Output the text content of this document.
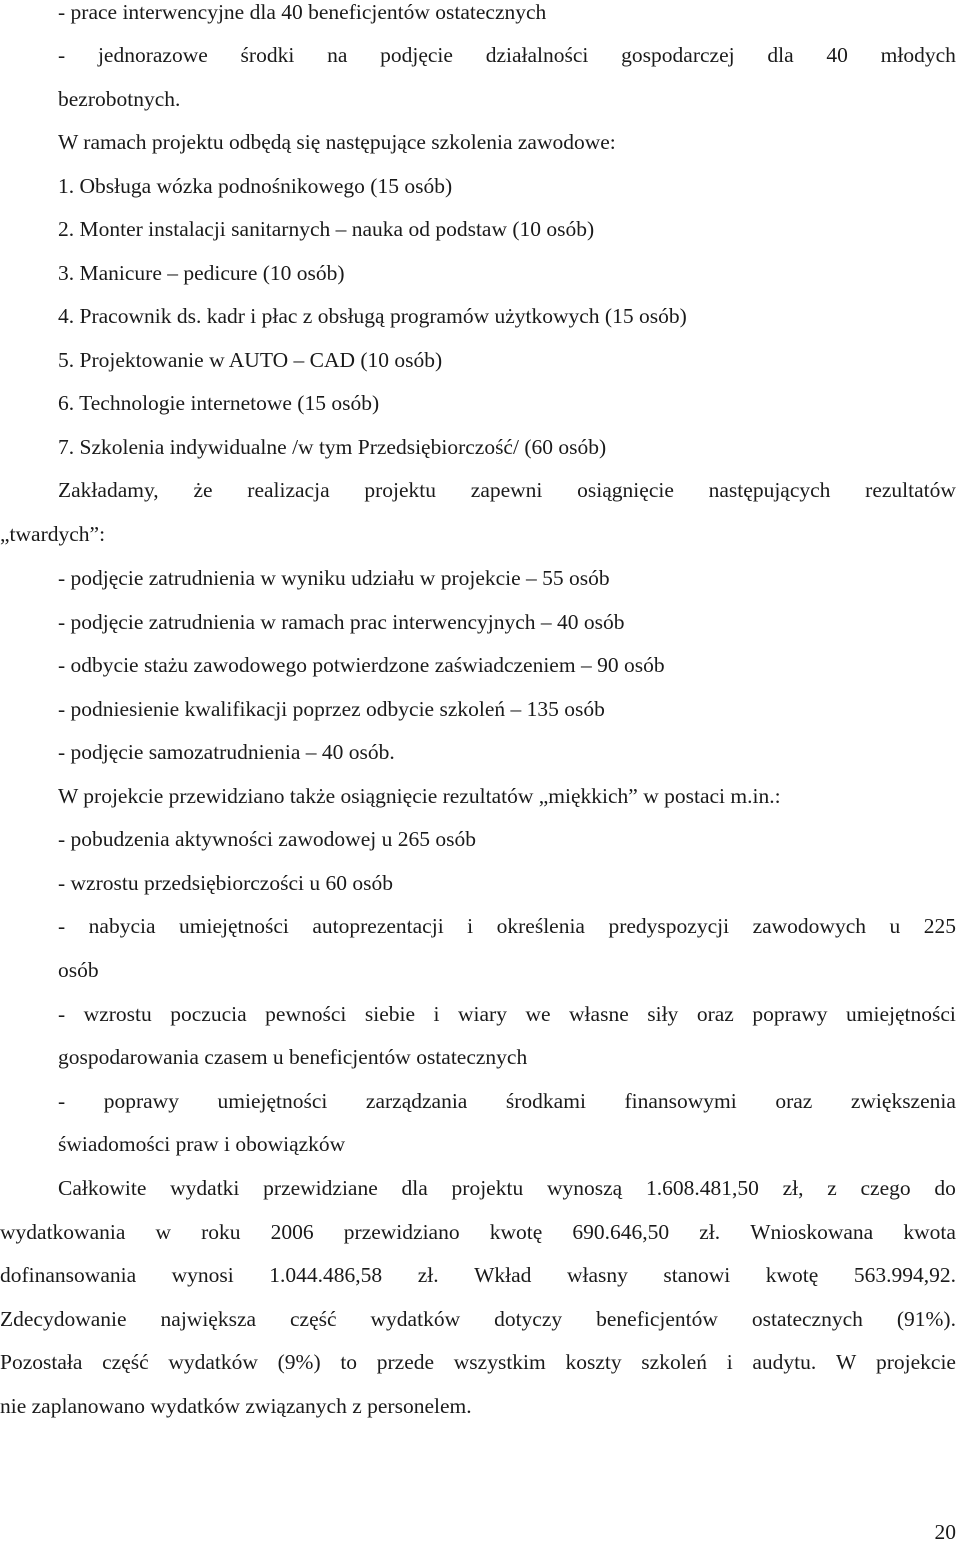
- prace interwencyjne dla 40 beneficjentów ostatecznych
- jednorazowe środki na podjęcie działalności gospodarczej dla 40 młodych
bezrobotnych.
W ramach projektu odbędą się następujące szkolenia zawodowe:
1. Obsługa wózka podnośnikowego (15 osób)
2. Monter instalacji sanitarnych – nauka od podstaw (10 osób)
3. Manicure – pedicure (10 osób)
4. Pracownik ds. kadr i płac z obsługą programów użytkowych (15 osób)
5. Projektowanie w AUTO – CAD (10 osób)
6. Technologie internetowe (15 osób)
7. Szkolenia indywidualne /w tym Przedsiębiorczość/ (60 osób)
Zakładamy, że realizacja projektu zapewni osiągnięcie następujących rezultatów
„twardych”:
- podjęcie zatrudnienia w wyniku udziału w projekcie – 55 osób
- podjęcie zatrudnienia w ramach prac interwencyjnych – 40 osób
- odbycie stażu zawodowego potwierdzone zaświadczeniem – 90 osób
- podniesienie kwalifikacji poprzez odbycie szkoleń – 135 osób
- podjęcie samozatrudnienia – 40 osób.
W projekcie przewidziano także osiągnięcie rezultatów „miękkich” w postaci m.in.:
- pobudzenia aktywności zawodowej u 265 osób
- wzrostu przedsiębiorczości u 60 osób
- nabycia umiejętności autoprezentacji i określenia predyspozycji zawodowych u 225
osób
- wzrostu poczucia pewności siebie i wiary we własne siły oraz poprawy umiejętności
gospodarowania czasem u beneficjentów ostatecznych
- poprawy umiejętności zarządzania środkami finansowymi oraz zwiększenia
świadomości praw i obowiązków
Całkowite wydatki przewidziane dla projektu wynoszą 1.608.481,50 zł, z czego do
wydatkowania w roku 2006 przewidziano kwotę 690.646,50 zł. Wnioskowana kwota
dofinansowania wynosi 1.044.486,58 zł. Wkład własny stanowi kwotę 563.994,92.
Zdecydowanie największa część wydatków dotyczy beneficjentów ostatecznych (91%).
Pozostała część wydatków (9%) to przede wszystkim koszty szkoleń i audytu. W projekcie
nie zaplanowano wydatków związanych z personelem.
20
